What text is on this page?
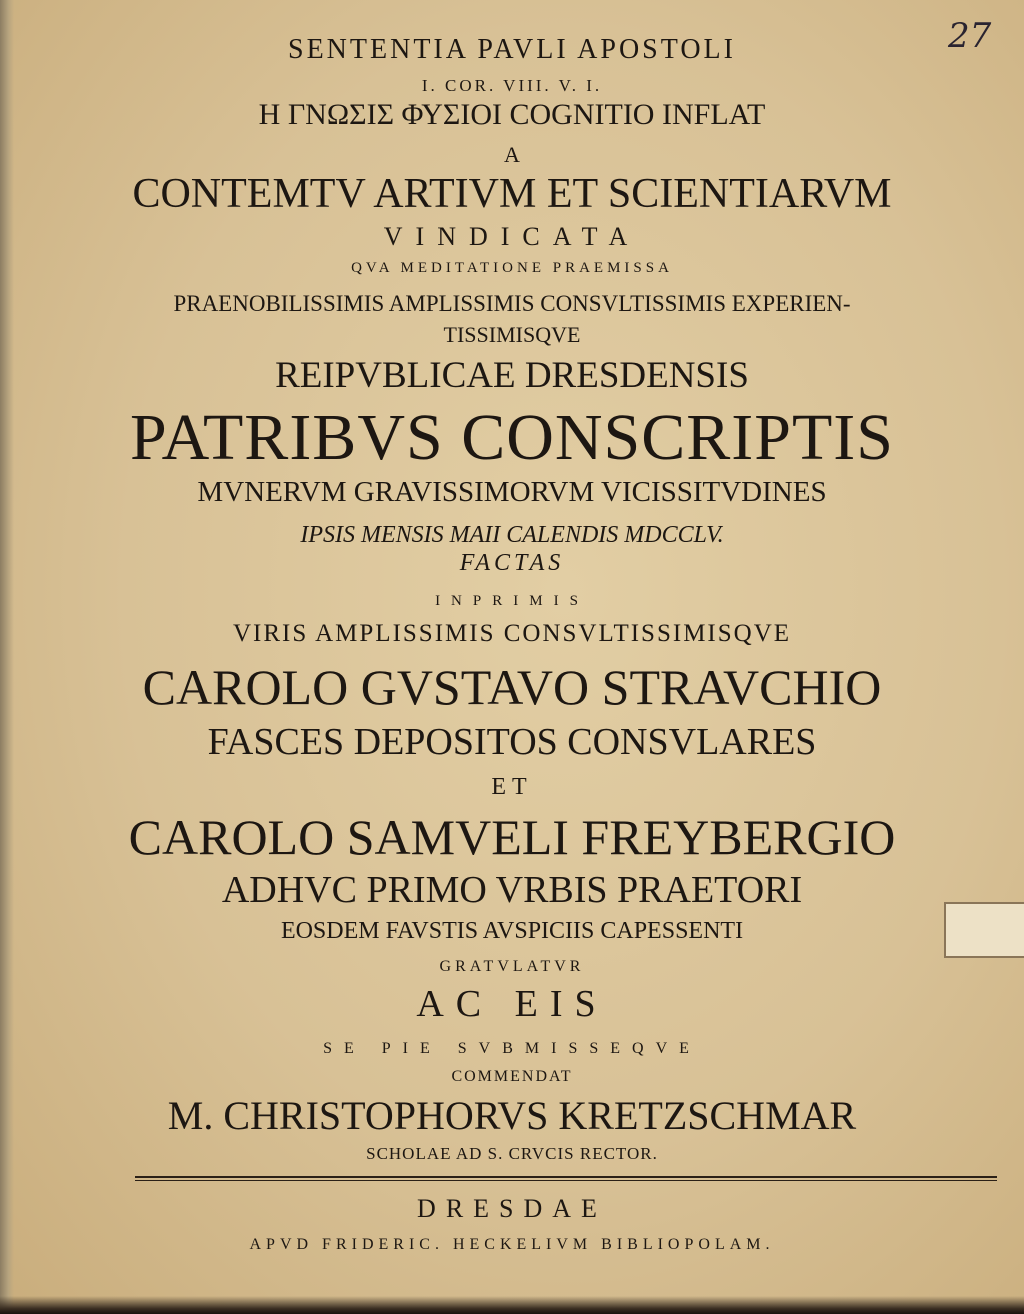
27
SENTENTIA PAVLI APOSTOLI
I. COR. VIII. V. I.
Η ΓΝΩΣΙΣ ΦΥΣΙΟΙ COGNITIO INFLAT
A
CONTEMTV ARTIVM ET SCIENTIARVM
VINDICATA
QVA MEDITATIONE PRAEMISSA
PRAENOBILISSIMIS AMPLISSIMIS CONSVLTISSIMIS EXPERIEN-
TISSIMISQVE
REIPVBLICAE DRESDENSIS
PATRIBVS CONSCRIPTIS
MVNERVM GRAVISSIMORVM VICISSITVDINES
IPSIS MENSIS MAII CALENDIS MDCCLV.
FACTAS
INPRIMIS
VIRIS AMPLISSIMIS CONSVLTISSIMISQVE
CAROLO GVSTAVO STRAVCHIO
FASCES DEPOSITOS CONSVLARES
ET
CAROLO SAMVELI FREYBERGIO
ADHVC PRIMO VRBIS PRAETORI
EOSDEM FAVSTIS AVSPICIIS CAPESSENTI
GRATVLATVR
AC EIS
SE PIE SVBMISSEQVE
COMMENDAT
M. CHRISTOPHORVS KRETZSCHMAR
SCHOLAE AD S. CRVCIS RECTOR.
DRESDAE
APVD FRIDERIC. HECKELIVM BIBLIOPOLAM.
